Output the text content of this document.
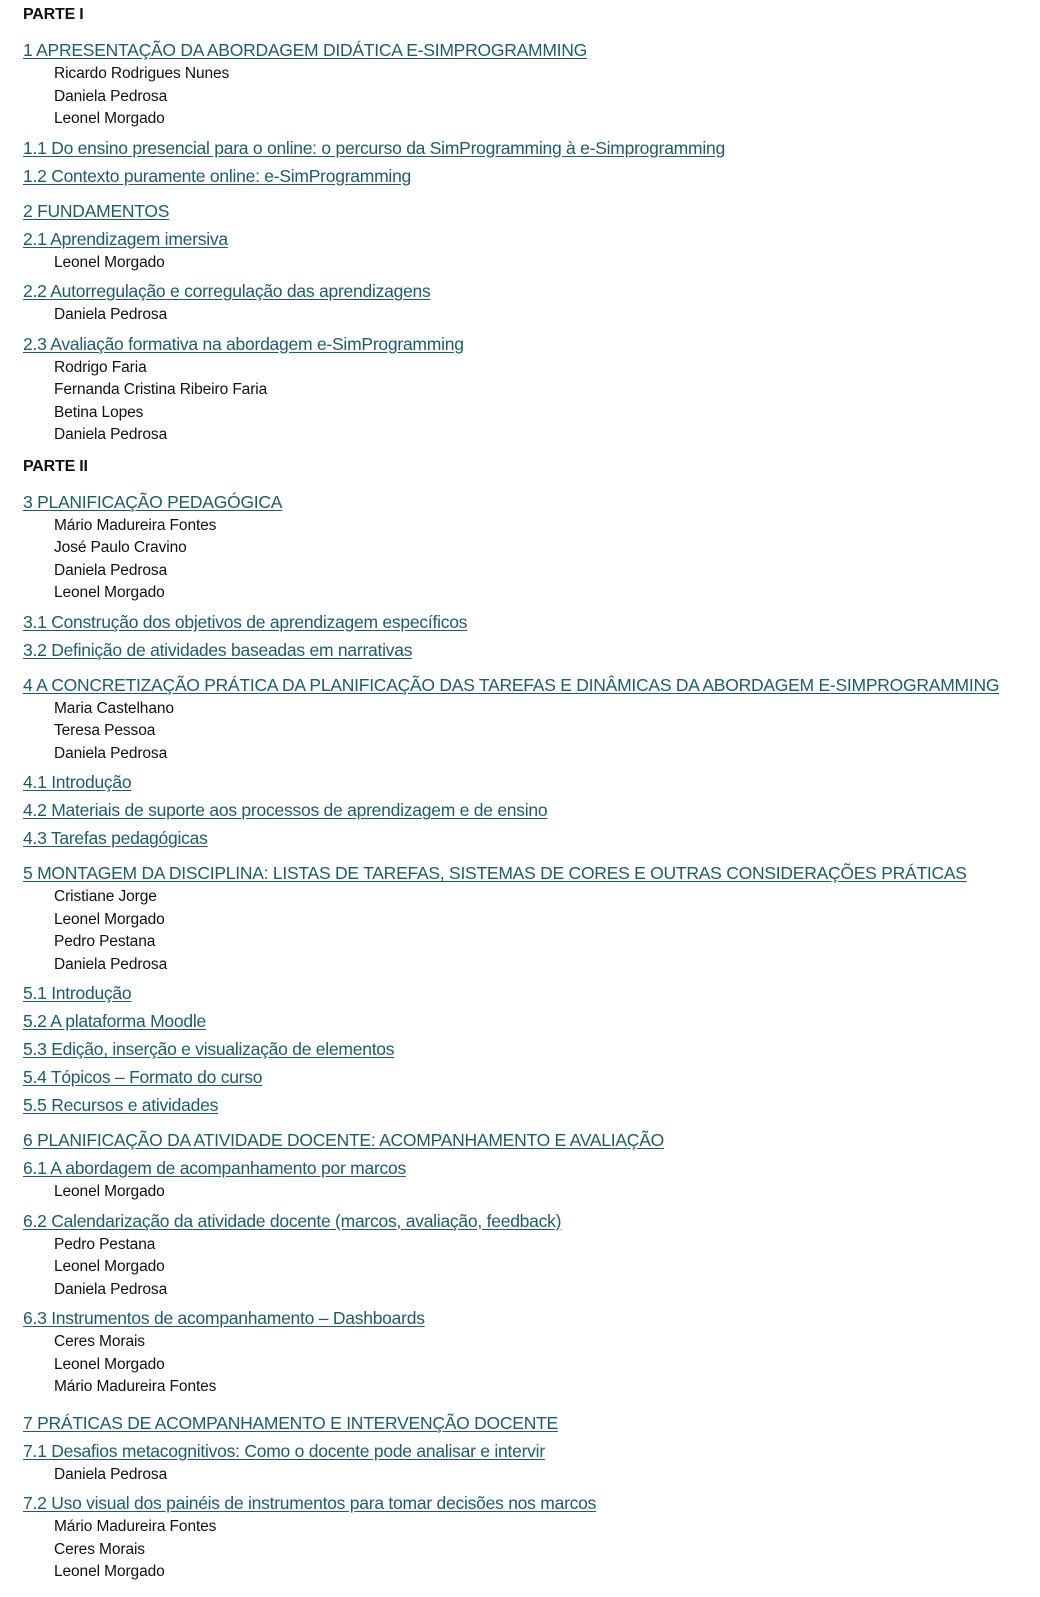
PARTE I
1 APRESENTAÇÃO DA ABORDAGEM DIDÁTICA E-SIMPROGRAMMING
Ricardo Rodrigues Nunes
Daniela Pedrosa
Leonel Morgado
1.1 Do ensino presencial para o online: o percurso da SimProgramming à e-Simprogramming
1.2 Contexto puramente online: e-SimProgramming
2 FUNDAMENTOS
2.1 Aprendizagem imersiva
Leonel Morgado
2.2 Autorregulação e corregulação das aprendizagens
Daniela Pedrosa
2.3 Avaliação formativa na abordagem e-SimProgramming
Rodrigo Faria
Fernanda Cristina Ribeiro Faria
Betina Lopes
Daniela Pedrosa
PARTE II
3 PLANIFICAÇÃO PEDAGÓGICA
Mário Madureira Fontes
José Paulo Cravino
Daniela Pedrosa
Leonel Morgado
3.1 Construção dos objetivos de aprendizagem específicos
3.2 Definição de atividades baseadas em narrativas
4 A CONCRETIZAÇÃO PRÁTICA DA PLANIFICAÇÃO DAS TAREFAS E DINÂMICAS DA ABORDAGEM E-SIMPROGRAMMING
Maria Castelhano
Teresa Pessoa
Daniela Pedrosa
4.1 Introdução
4.2 Materiais de suporte aos processos de aprendizagem e de ensino
4.3 Tarefas pedagógicas
5 MONTAGEM DA DISCIPLINA: LISTAS DE TAREFAS, SISTEMAS DE CORES E OUTRAS CONSIDERAÇÕES PRÁTICAS
Cristiane Jorge
Leonel Morgado
Pedro Pestana
Daniela Pedrosa
5.1 Introdução
5.2 A plataforma Moodle
5.3 Edição, inserção e visualização de elementos
5.4 Tópicos – Formato do curso
5.5 Recursos e atividades
6 PLANIFICAÇÃO DA ATIVIDADE DOCENTE: ACOMPANHAMENTO E AVALIAÇÃO
6.1 A abordagem de acompanhamento por marcos
Leonel Morgado
6.2 Calendarização da atividade docente (marcos, avaliação, feedback)
Pedro Pestana
Leonel Morgado
Daniela Pedrosa
6.3 Instrumentos de acompanhamento – Dashboards
Ceres Morais
Leonel Morgado
Mário Madureira Fontes
7 PRÁTICAS DE ACOMPANHAMENTO E INTERVENÇÃO DOCENTE
7.1 Desafios metacognitivos: Como o docente pode analisar e intervir
Daniela Pedrosa
7.2 Uso visual dos painéis de instrumentos para tomar decisões nos marcos
Mário Madureira Fontes
Ceres Morais
Leonel Morgado
